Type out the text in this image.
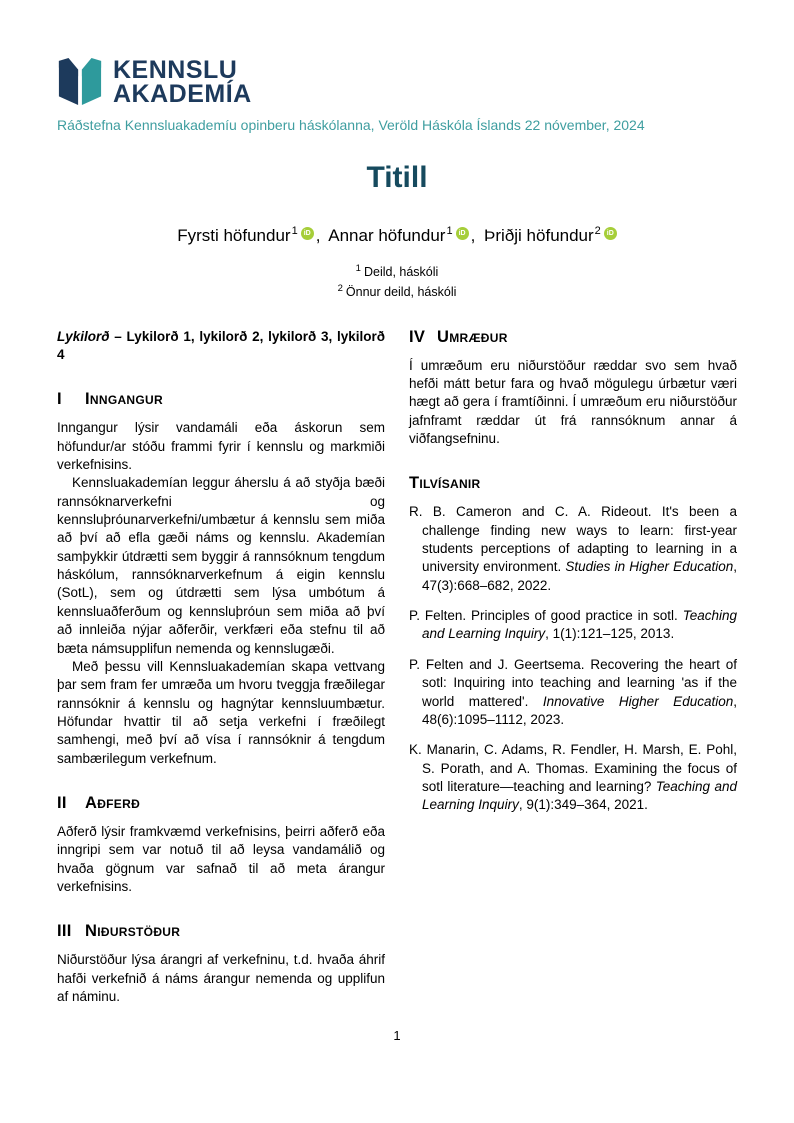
KENNSLU
AKADEMÍA
Ráðstefna Kennsluakademíu opinberu háskólanna, Veröld Háskóla Íslands 22 nóvember, 2024
Titill
Fyrsti höfundur$^1$ iD , Annar höfundur$^1$ iD , Þriðji höfundur$^2$ iD
$^1$ Deild, háskóli
$^2$ Önnur deild, háskóli

Lykilorð – Lykilorð 1, lykilorð 2, lykilorð 3, lykilorð 4

I	Inngangur

Inngangur lýsir vandamáli eða áskorun sem höfundur/ar stóðu frammi fyrir í kennslu og markmiði verkefnisins.

Kennsluakademían leggur áherslu á að styðja bæði rannsóknarverkefni og kennsluþróunarverkefni/umbætur á kennslu sem miða að því að efla gæði náms og kennslu. Akademían samþykkir útdrætti sem byggir á rannsóknum tengdum háskólum, rannsóknarverkefnum á eigin kennslu (SotL), sem og útdrætti sem lýsa umbótum á kennsluaðferðum og kennsluþróun sem miða að því að innleiða nýjar aðferðir, verkfæri eða stefnu til að bæta námsupplifun nemenda og kennslugæði.

Með þessu vill Kennsluakademían skapa vettvang þar sem fram fer umræða um hvoru tveggja fræðilegar rannsóknir á kennslu og hagnýtar kennsluumbætur. Höfundar hvattir til að setja verkefni í fræðilegt samhengi, með því að vísa í rannsóknir á tengdum sambærilegum verkefnum.

II	Aðferð

Aðferð lýsir framkvæmd verkefnisins, þeirri aðferð eða inngripi sem var notuð til að leysa vandamálið og hvaða gögnum var safnað til að meta árangur verkefnisins.

III Niðurstöður

Niðurstöður lýsa árangri af verkefninu, t.d. hvaða áhrif hafði verkefnið á náms árangur nemenda og upplifun af náminu.

IV Umræður

Í umræðum eru niðurstöður ræddar svo sem hvað hefði mátt betur fara og hvað mögulegu úrbætur væri hægt að gera í framtíðinni. Í umræðum eru niðurstöður jafnframt ræddar út frá rannsóknum annar á viðfangsefninu.

Tilvísanir
R. B. Cameron and C. A. Rideout. It's been a challenge finding new ways to learn: first-year students perceptions of adapting to learning in a university environment. Studies in Higher Education, 47(3):668–682, 2022.
P. Felten. Principles of good practice in sotl. Teaching and Learning Inquiry, 1(1):121–125, 2013.
P. Felten and J. Geertsema. Recovering the heart of sotl: Inquiring into teaching and learning 'as if the world mattered'. Innovative Higher Education, 48(6):1095–1112, 2023.
K. Manarin, C. Adams, R. Fendler, H. Marsh, E. Pohl, S. Porath, and A. Thomas. Examining the focus of sotl literature—teaching and learning? Teaching and Learning Inquiry, 9(1):349–364, 2021.
1
